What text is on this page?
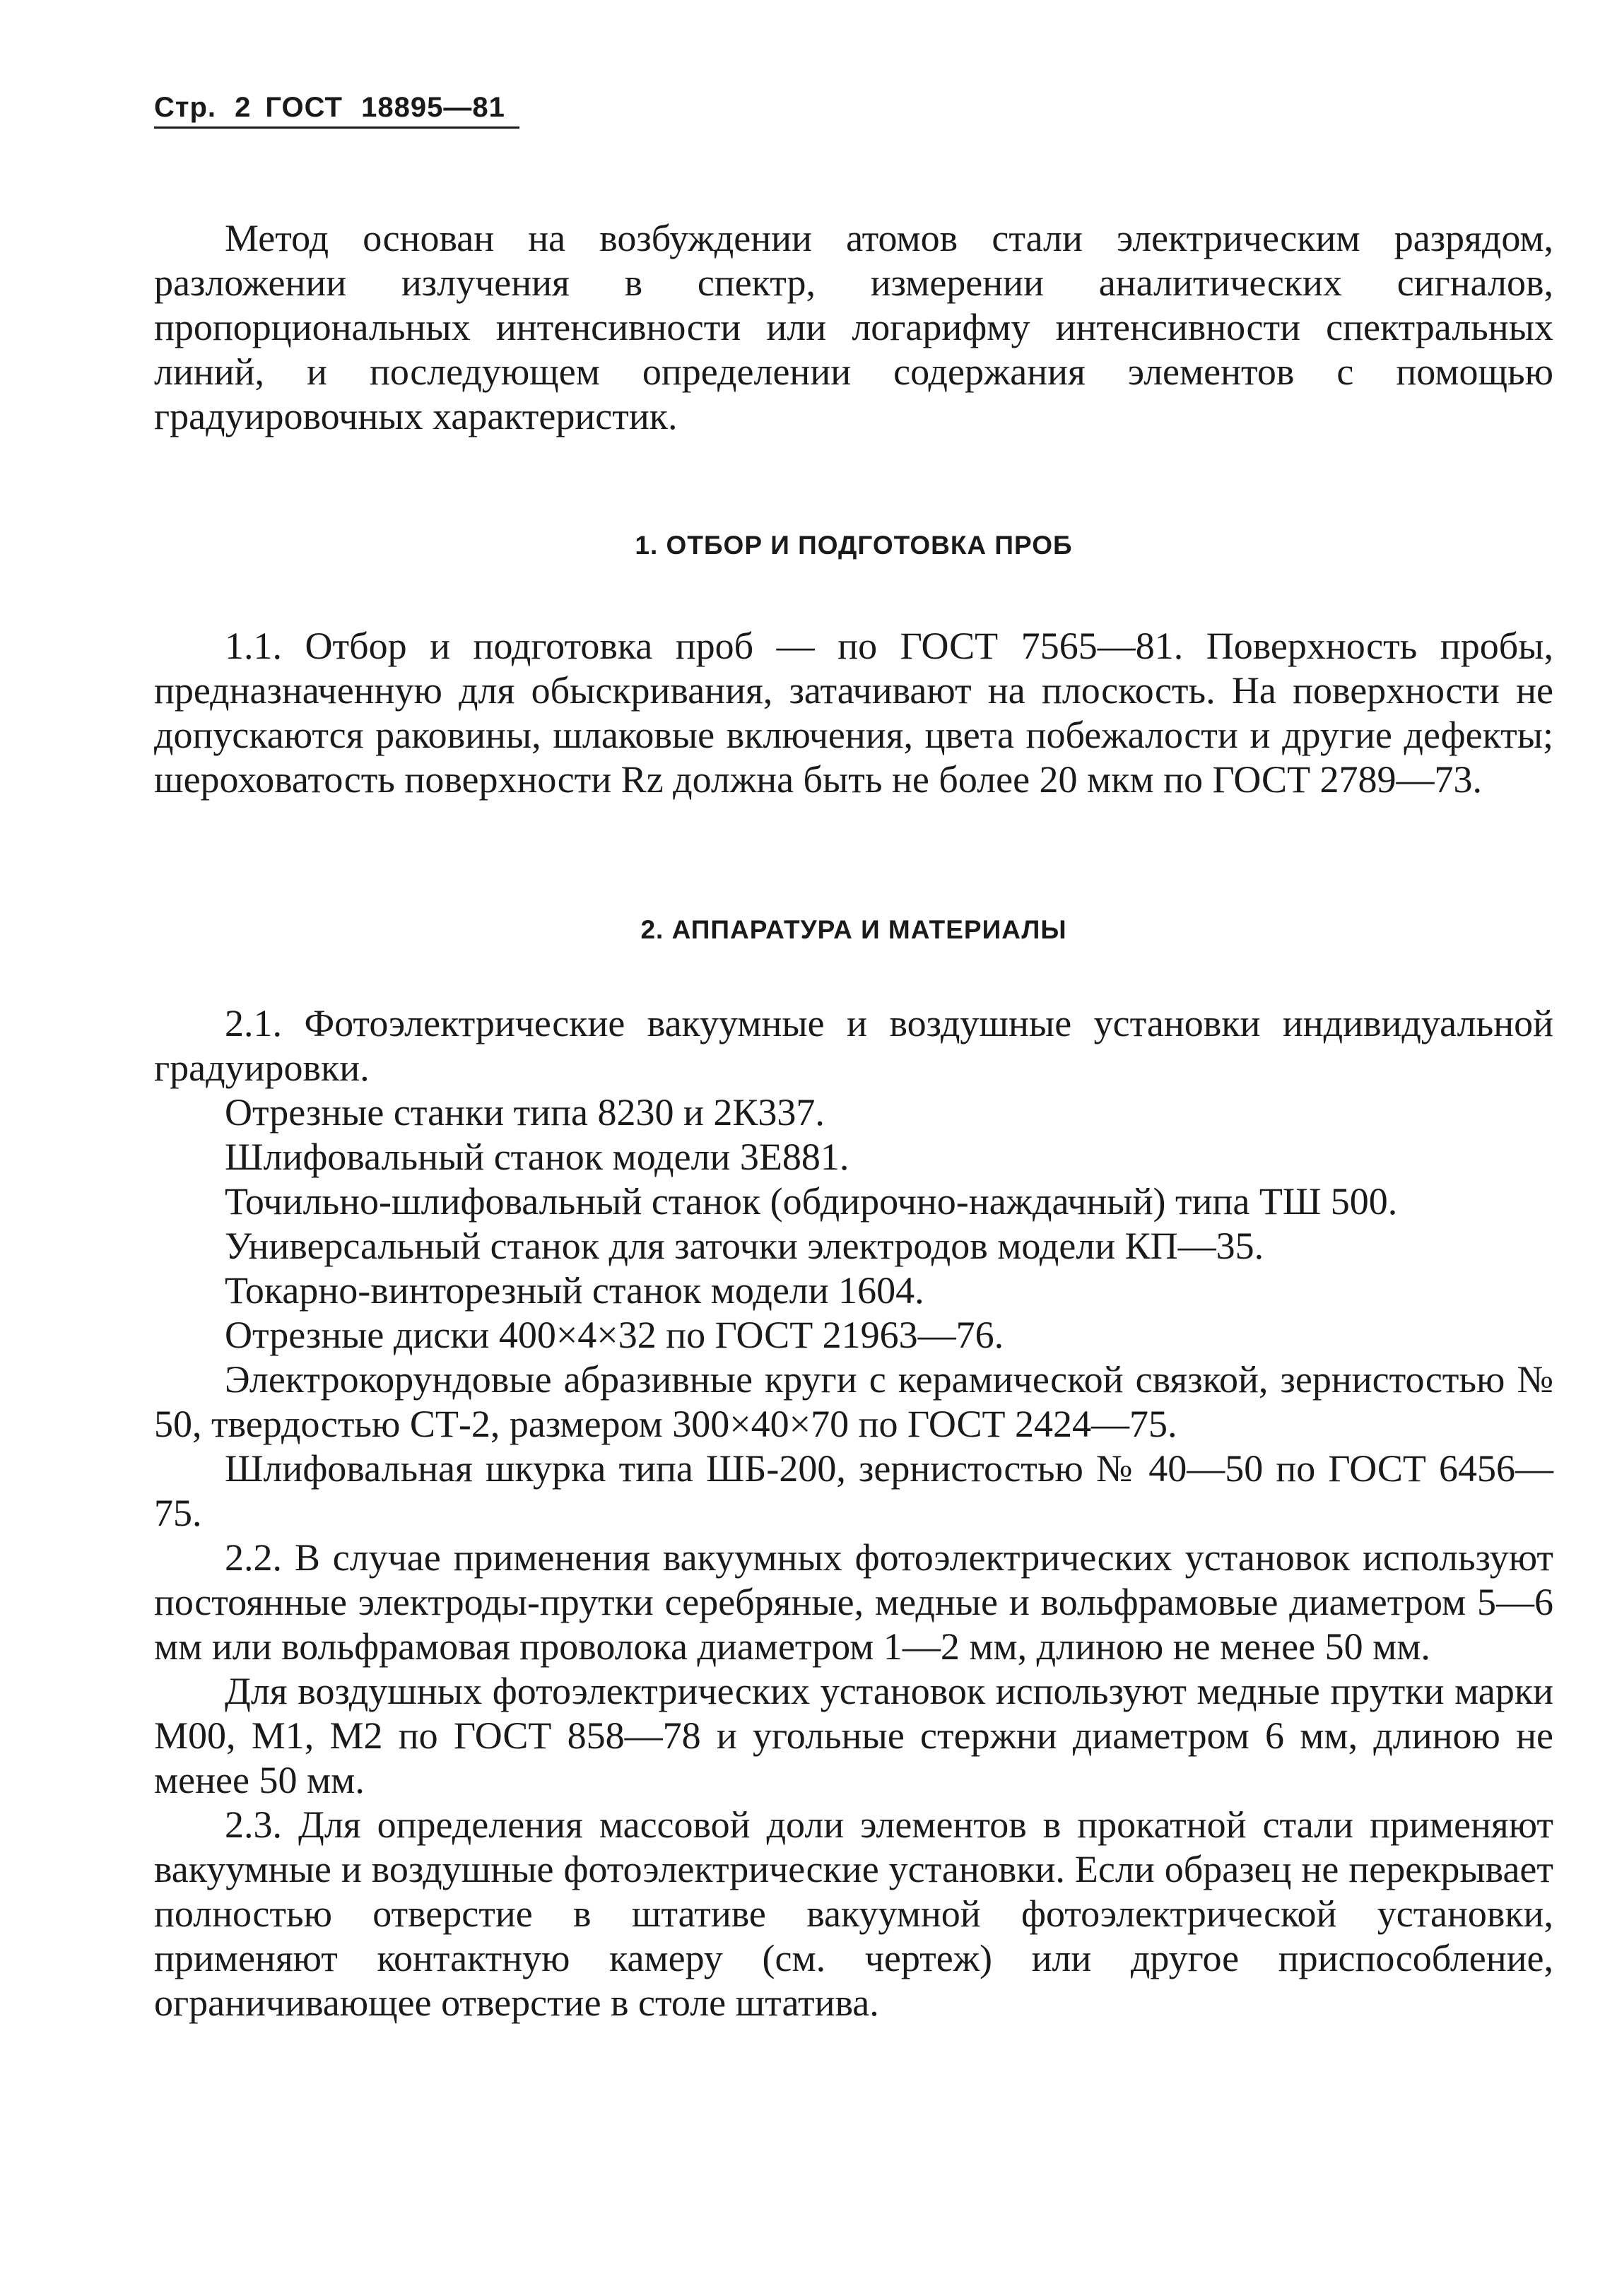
Стр. 2 ГОСТ 18895—81

Метод основан на возбуждении атомов стали электрическим разрядом, разложении излучения в спектр, измерении аналитических сигналов, пропорциональных интенсивности или логарифму интенсивности спектральных линий, и последующем определении содержания элементов с помощью градуировочных характеристик.

1. ОТБОР И ПОДГОТОВКА ПРОБ

1.1. Отбор и подготовка проб — по ГОСТ 7565—81. Поверхность пробы, предназначенную для обыскривания, затачивают на плоскость. На поверхности не допускаются раковины, шлаковые включения, цвета побежалости и другие дефекты; шероховатость поверхности Rz должна быть не более 20 мкм по ГОСТ 2789—73.

2. АППАРАТУРА И МАТЕРИАЛЫ

2.1. Фотоэлектрические вакуумные и воздушные установки индивидуальной градуировки.

Отрезные станки типа 8230 и 2К337.

Шлифовальный станок модели 3Е881.

Точильно-шлифовальный станок (обдирочно-наждачный) типа ТШ 500.

Универсальный станок для заточки электродов модели КП—35.

Токарно-винторезный станок модели 1604.

Отрезные диски 400×4×32 по ГОСТ 21963—76.

Электрокорундовые абразивные круги с керамической связкой, зернистостью № 50, твердостью СТ-2, размером 300×40×70 по ГОСТ 2424—75.

Шлифовальная шкурка типа ШБ-200, зернистостью № 40—50 по ГОСТ 6456—75.

2.2. В случае применения вакуумных фотоэлектрических установок используют постоянные электроды-прутки серебряные, медные и вольфрамовые диаметром 5—6 мм или вольфрамовая проволока диаметром 1—2 мм, длиною не менее 50 мм.

Для воздушных фотоэлектрических установок используют медные прутки марки М00, М1, М2 по ГОСТ 858—78 и угольные стержни диаметром 6 мм, длиною не менее 50 мм.

2.3. Для определения массовой доли элементов в прокатной стали применяют вакуумные и воздушные фотоэлектрические установки. Если образец не перекрывает полностью отверстие в штативе вакуумной фотоэлектрической установки, применяют контактную камеру (см. чертеж) или другое приспособление, ограничивающее отверстие в столе штатива.
